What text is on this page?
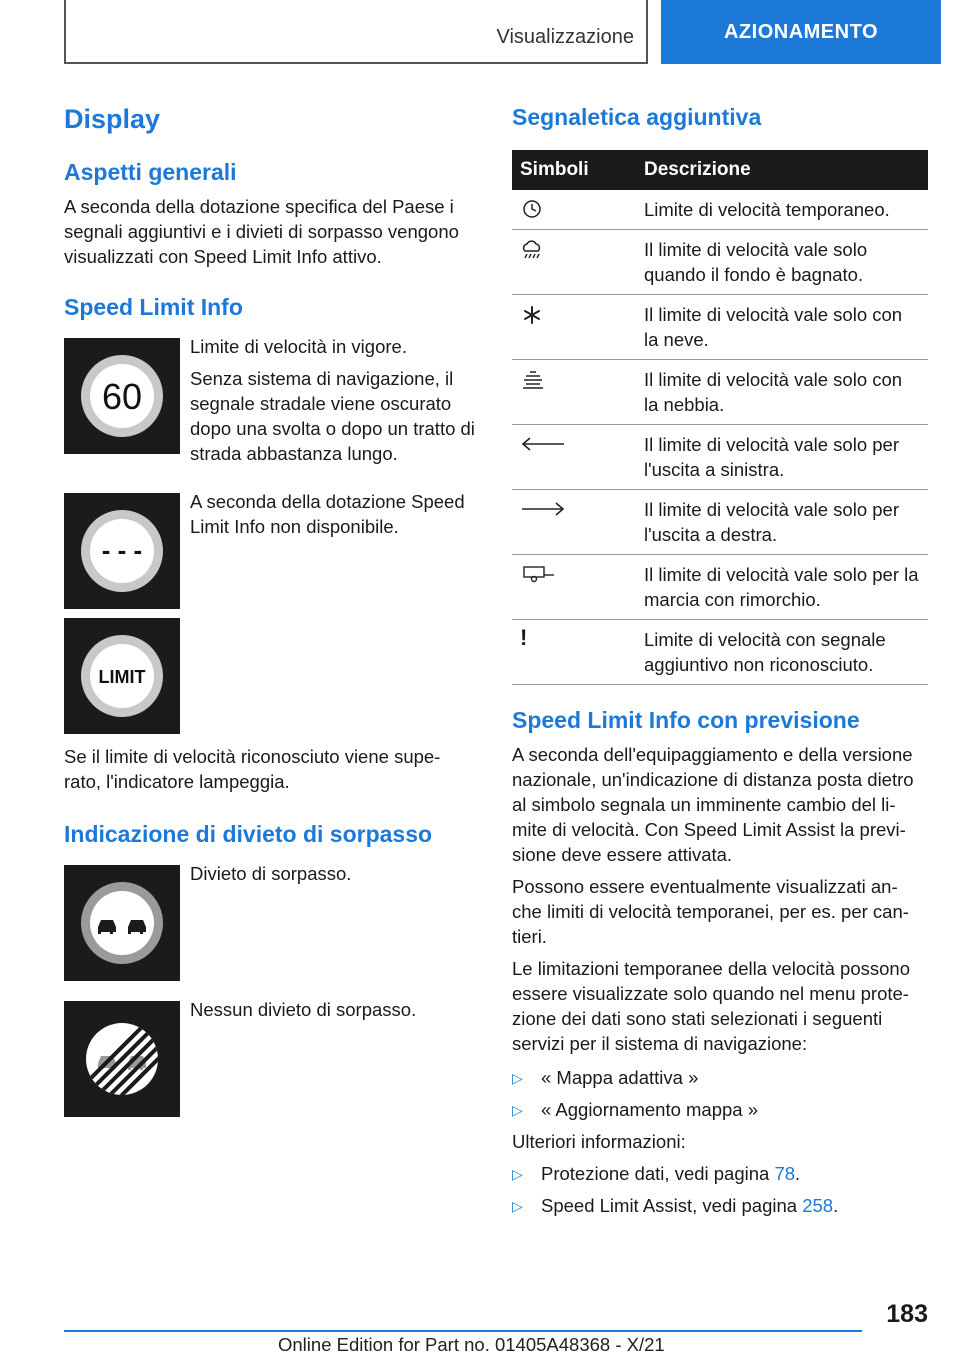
Visualizzazione	AZIONAMENTO
Display
Aspetti generali

A seconda della dotazione specifica del Paese i segnali aggiuntivi e i divieti di sorpasso vengono visualizzati con Speed Limit Info attivo.

Speed Limit Info
60

Limite di velocità in vigore.

Senza sistema di navigazione, il segnale stradale viene oscurato dopo una svolta o dopo un tratto di strada abbastanza lungo.

- - -

A seconda della dotazione Speed Limit Info non disponibile.

LIMIT

Se il limite di velocità riconosciuto viene supe‐ rato, l'indicatore lampeggia.

Indicazione di divieto di sorpasso

Divieto di sorpasso.

Nessun divieto di sorpasso.

Segnaletica aggiuntiva
Simboli	Descrizione

	Limite di velocità temporaneo.

	Il limite di velocità vale solo quando il fondo è bagnato.

	Il limite di velocità vale solo con la neve.

	Il limite di velocità vale solo con la nebbia.

	Il limite di velocità vale solo per l'uscita a sinistra.

	Il limite di velocità vale solo per l'uscita a destra.

	Il limite di velocità vale solo per la marcia con rimorchio.
!	Limite di velocità con segnale aggiuntivo non riconosciuto.
Speed Limit Info con previsione

A seconda dell'equipaggiamento e della versione nazionale, un'indicazione di distanza posta dietro al simbolo segnala un imminente cambio del li‐ mite di velocità. Con Speed Limit Assist la previ‐ sione deve essere attivata.

Possono essere eventualmente visualizzati an‐ che limiti di velocità temporanei, per es. per can‐ tieri.

Le limitazioni temporanee della velocità possono essere visualizzate solo quando nel menu prote‐ zione dei dati sono stati selezionati i seguenti servizi per il sistema di navigazione:

▷ « Mappa adattiva »
▷ « Aggiornamento mappa »

Ulteriori informazioni:

▷ Protezione dati, vedi pagina 78.
▷ Speed Limit Assist, vedi pagina 258.
183
Online Edition for Part no. 01405A48368 - X/21
